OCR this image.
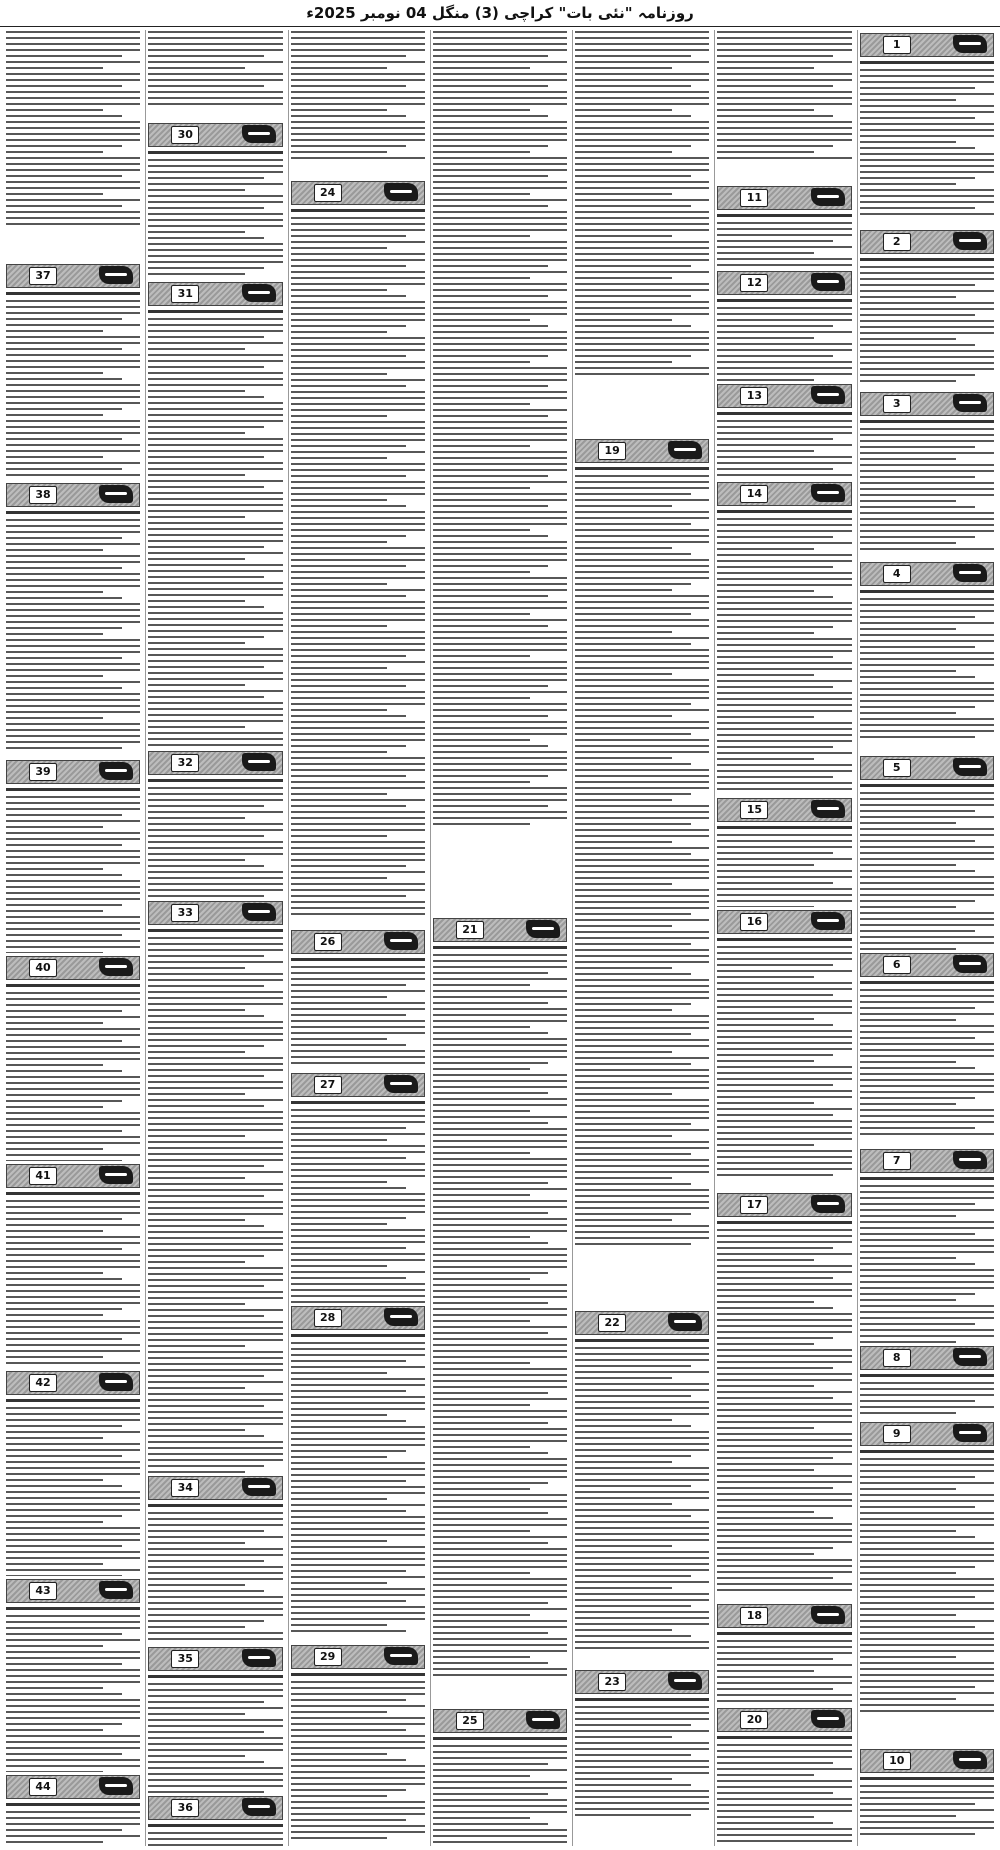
روزنامہ "نئی بات" کراچی (3) منگل 04 نومبر 2025ء
1
2
3
4
5
6
7
8
9
10
11
12
13
14
15
16
17
18
20
19
22
23
21
25
24
26
27
28
29
30
31
32
33
34
35
36
37
38
39
40
41
42
43
44
